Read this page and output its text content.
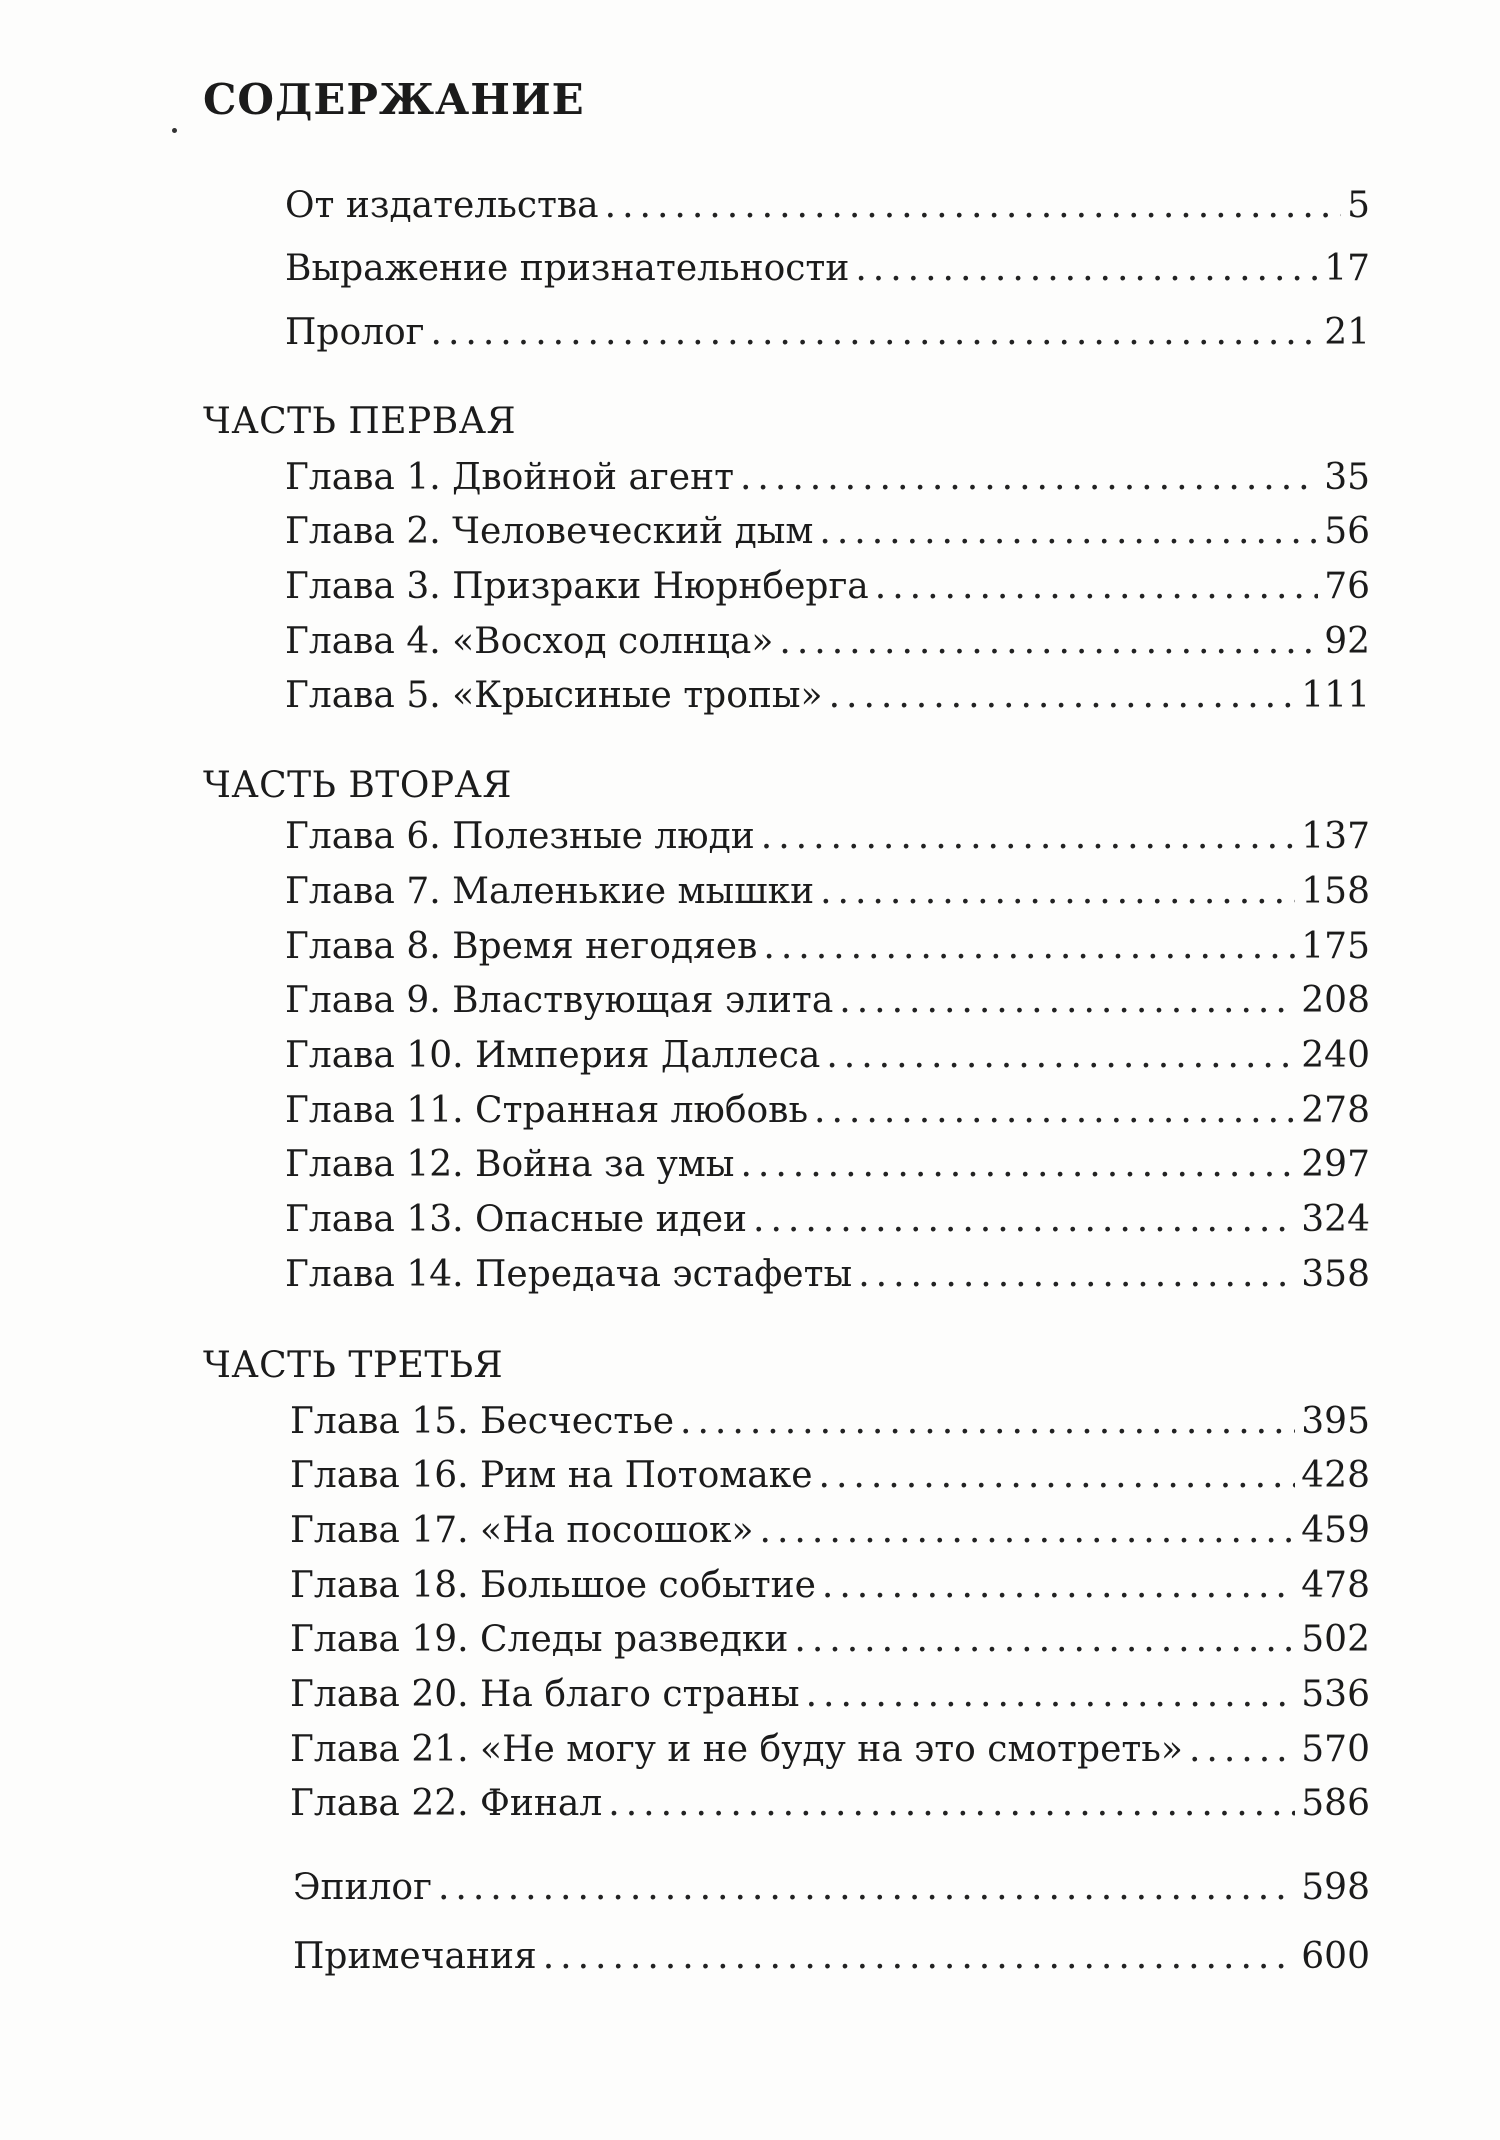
СОДЕРЖАНИЕ
От издательства .....	5
Выражение признательности .....	17
Пролог .....	21
ЧАСТЬ ПЕРВАЯ
Глава 1. Двойной агент .....	35
Глава 2. Человеческий дым .....	56
Глава 3. Призраки Нюрнберга .....	76
Глава 4. «Восход солнца» .....	92
Глава 5. «Крысиные тропы» .....	111
ЧАСТЬ ВТОРАЯ
Глава 6. Полезные люди .....	137
Глава 7. Маленькие мышки .....	158
Глава 8. Время негодяев .....	175
Глава 9. Властвующая элита .....	208
Глава 10. Империя Даллеса .....	240
Глава 11. Странная любовь .....	278
Глава 12. Война за умы .....	297
Глава 13. Опасные идеи .....	324
Глава 14. Передача эстафеты .....	358
ЧАСТЬ ТРЕТЬЯ
Глава 15. Бесчестье .....	395
Глава 16. Рим на Потомаке .....	428
Глава 17. «На посошок» .....	459
Глава 18. Большое событие .....	478
Глава 19. Следы разведки .....	502
Глава 20. На благо страны .....	536
Глава 21. «Не могу и не буду на это смотреть» .....	570
Глава 22. Финал .....	586
Эпилог .....	598
Примечания .....	600
